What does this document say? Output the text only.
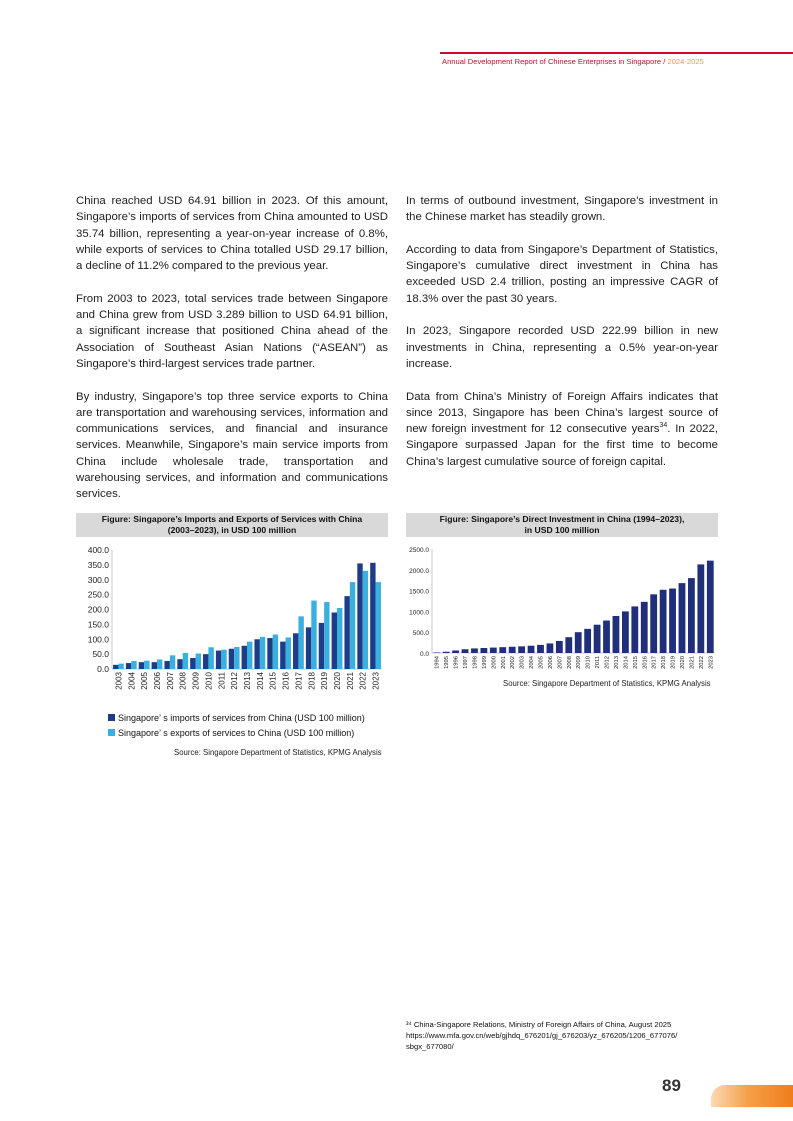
Annual Development Report of Chinese Enterprises in Singapore / 2024-2025

China reached USD 64.91 billion in 2023. Of this amount, Singapore’s imports of services from China amounted to USD 35.74 billion, representing a year-on-year increase of 0.8%, while exports of services to China totalled USD 29.17 billion, a decline of 11.2% compared to the previous year.

From 2003 to 2023, total services trade between Singapore and China grew from USD 3.289 billion to USD 64.91 billion, a significant increase that positioned China ahead of the Association of Southeast Asian Nations (“ASEAN”) as Singapore’s third-largest services trade partner.

By industry, Singapore’s top three service exports to China are transportation and warehousing services, information and communications services, and financial and insurance services. Meanwhile, Singapore’s main service imports from China include wholesale trade, transportation and warehousing services, and information and communications services.

In terms of outbound investment, Singapore’s investment in the Chinese market has steadily grown.

According to data from Singapore’s Department of Statistics, Singapore’s cumulative direct investment in China has exceeded USD 2.4 trillion, posting an impressive CAGR of 18.3% over the past 30 years.

In 2023, Singapore recorded USD 222.99 billion in new investments in China, representing a 0.5% year-on-year increase.

Data from China’s Ministry of Foreign Affairs indicates that since 2013, Singapore has been China’s largest source of new foreign investment for 12 consecutive years$^{34}$. In 2022, Singapore surpassed Japan for the first time to become China’s largest cumulative source of foreign capital.

Figure: Singapore’s Imports and Exports of Services with China
(2003–2023), in USD 100 million
Figure: Singapore’s Direct Investment in China (1994–2023),
in USD 100 million
400.0
350.0
300.0
250.0
200.0
150.0
100.0
50.0
0.0
2003 2004 2005 2006 2007 2008 2009 2010 2011 2012 2013 2014 2015 2016 2017 2018 2019 2020 2021 2022 2023
2500.0
2000.0
1500.0
1000.0
500.0
0.0
1994 1995 1996 1997 1998 1999 2000 2001 2002 2003 2004 2005 2006 2007 2008 2009 2010 2011 2012 2013 2014 2015 2016 2017 2018 2019 2020 2021 2022 2023
Singapore’ s imports of services from China (USD 100 million)
Singapore’ s exports of services to China (USD 100 million)
Source: Singapore Department of Statistics, KPMG Analysis
Source: Singapore Department of Statistics, KPMG Analysis
³⁴ China-Singapore Relations, Ministry of Foreign Affairs of China, August 2025
https://www.mfa.gov.cn/web/gjhdq_676201/gj_676203/yz_676205/1206_677076/
sbgx_677080/
89
